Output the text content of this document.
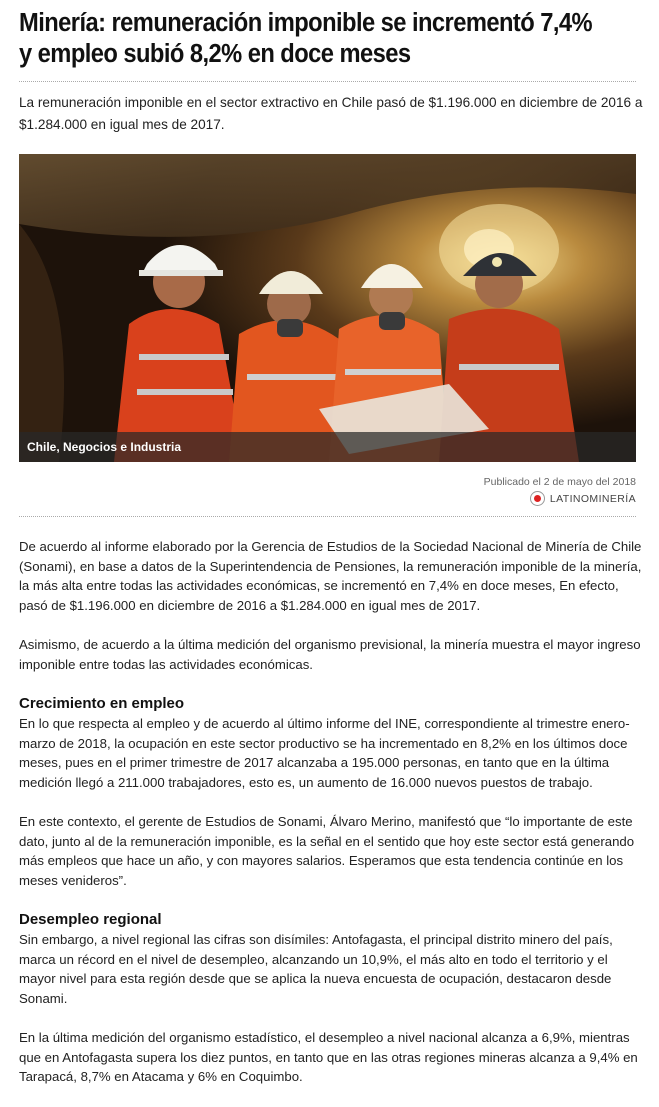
Minería: remuneración imponible se incrementó 7,4% y empleo subió 8,2% en doce meses

La remuneración imponible en el sector extractivo en Chile pasó de $1.196.000 en diciembre de 2016 a $1.284.000 en igual mes de 2017.

Chile, Negocios e Industria
Publicado el 2 de mayo del 2018
LATINOMINERÍA

De acuerdo al informe elaborado por la Gerencia de Estudios de la Sociedad Nacional de Minería de Chile (Sonami), en base a datos de la Superintendencia de Pensiones, la remuneración imponible de la minería, la más alta entre todas las actividades económicas, se incrementó en 7,4% en doce meses, En efecto, pasó de $1.196.000 en diciembre de 2016 a $1.284.000 en igual mes de 2017.

Asimismo, de acuerdo a la última medición del organismo previsional, la minería muestra el mayor ingreso imponible entre todas las actividades económicas.

Crecimiento en empleo

En lo que respecta al empleo y de acuerdo al último informe del INE, correspondiente al trimestre enero-marzo de 2018, la ocupación en este sector productivo se ha incrementado en 8,2% en los últimos doce meses, pues en el primer trimestre de 2017 alcanzaba a 195.000 personas, en tanto que en la última medición llegó a 211.000 trabajadores, esto es, un aumento de 16.000 nuevos puestos de trabajo.

En este contexto, el gerente de Estudios de Sonami, Álvaro Merino, manifestó que “lo importante de este dato, junto al de la remuneración imponible, es la señal en el sentido que hoy este sector está generando más empleos que hace un año, y con mayores salarios. Esperamos que esta tendencia continúe en los meses venideros”.

Desempleo regional

Sin embargo, a nivel regional las cifras son disímiles: Antofagasta, el principal distrito minero del país, marca un récord en el nivel de desempleo, alcanzando un 10,9%, el más alto en todo el territorio y el mayor nivel para esta región desde que se aplica la nueva encuesta de ocupación, destacaron desde Sonami.

En la última medición del organismo estadístico, el desempleo a nivel nacional alcanza a 6,9%, mientras que en Antofagasta supera los diez puntos, en tanto que en las otras regiones mineras alcanza a 9,4% en Tarapacá, 8,7% en Atacama y 6% en Coquimbo.
